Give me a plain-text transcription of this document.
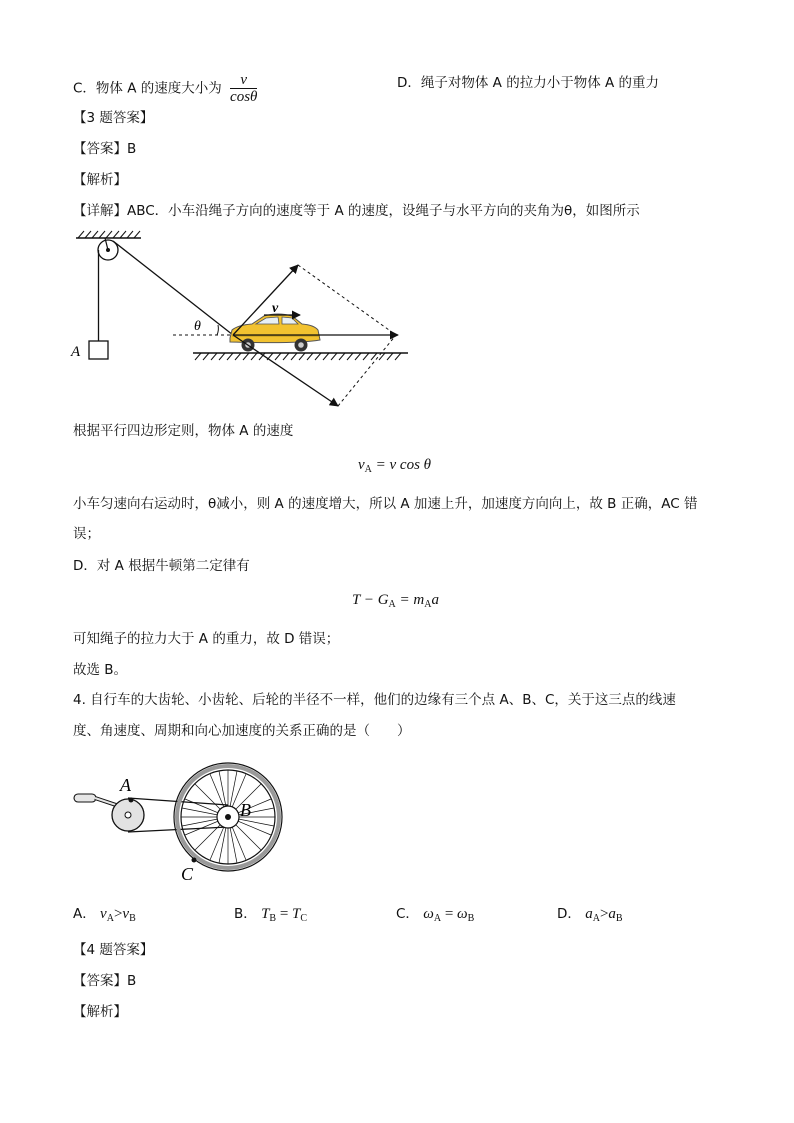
C．物体 A 的速度大小为 $\frac{v}{\cos\theta}$	D．绳子对物体 A 的拉力小于物体 A 的重力
【3 题答案】
【答案】B
【解析】
【详解】ABC．小车沿绳子方向的速度等于 A 的速度，设绳子与水平方向的夹角为θ，如图所示
A
θ
v
根据平行四边形定则，物体 A 的速度
$v_A = v$ cos θ
小车匀速向右运动时，θ减小，则 A 的速度增大，所以 A 加速上升，加速度方向向上，故 B 正确，AC 错
误；
D．对 A 根据牛顿第二定律有
$T - G_A = m_Aa$
可知绳子的拉力大于 A 的重力，故 D 错误；
故选 B。
4. 自行车的大齿轮、小齿轮、后轮的半径不一样，他们的边缘有三个点 A、B、C，关于这三点的线速
度、角速度、周期和向心加速度的关系正确的是（　　）
A
C
B
A． $v_A>v_B$	B． $T_B = T_C$	C． $\omega_A = \omega_B$	D． $a_A>a_B$
【4 题答案】
【答案】B
【解析】
